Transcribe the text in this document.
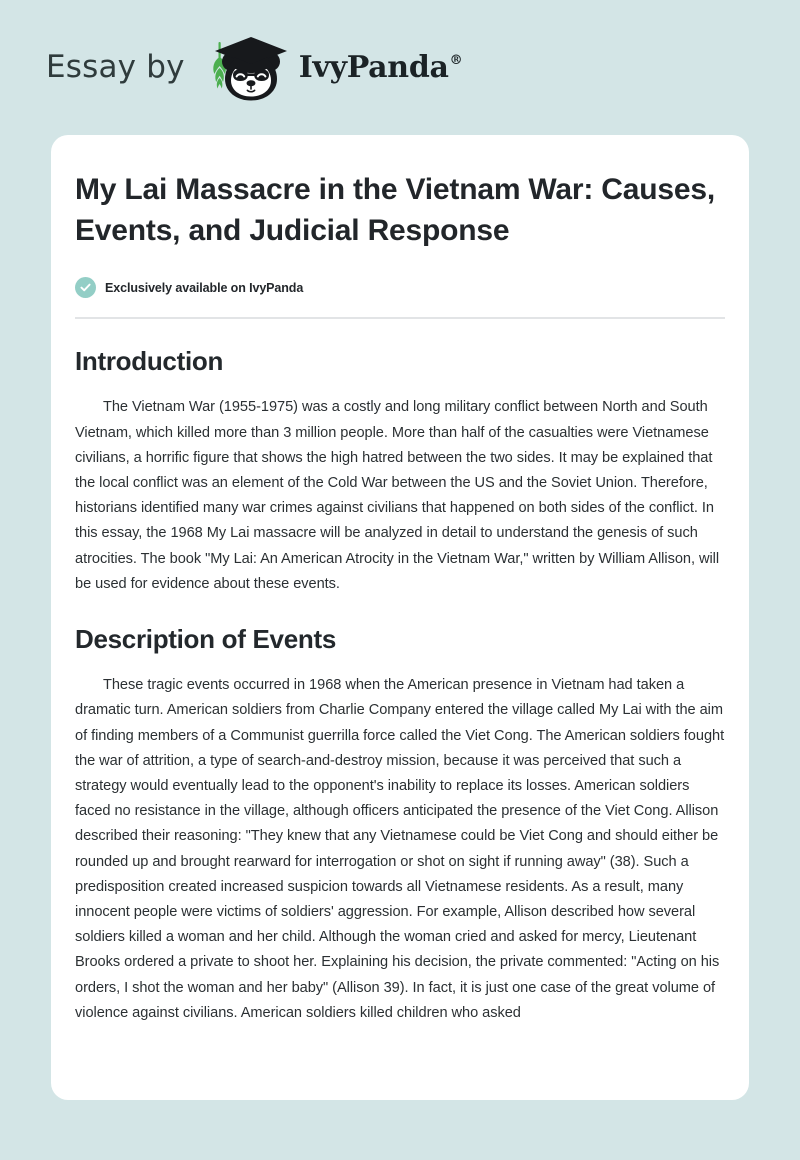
Essay by	IvyPanda ®
My Lai Massacre in the Vietnam War: Causes, Events, and Judicial Response
Exclusively available on IvyPanda
Introduction

The Vietnam War (1955-1975) was a costly and long military conflict between North and South Vietnam, which killed more than 3 million people. More than half of the casualties were Vietnamese civilians, a horrific figure that shows the high hatred between the two sides. It may be explained that the local conflict was an element of the Cold War between the US and the Soviet Union. Therefore, historians identified many war crimes against civilians that happened on both sides of the conflict. In this essay, the 1968 My Lai massacre will be analyzed in detail to understand the genesis of such atrocities. The book "My Lai: An American Atrocity in the Vietnam War," written by William Allison, will be used for evidence about these events.

Description of Events

These tragic events occurred in 1968 when the American presence in Vietnam had taken a dramatic turn. American soldiers from Charlie Company entered the village called My Lai with the aim of finding members of a Communist guerrilla force called the Viet Cong. The American soldiers fought the war of attrition, a type of search-and-destroy mission, because it was perceived that such a strategy would eventually lead to the opponent's inability to replace its losses. American soldiers faced no resistance in the village, although officers anticipated the presence of the Viet Cong. Allison described their reasoning: "They knew that any Vietnamese could be Viet Cong and should either be rounded up and brought rearward for interrogation or shot on sight if running away" (38). Such a predisposition created increased suspicion towards all Vietnamese residents. As a result, many innocent people were victims of soldiers' aggression. For example, Allison described how several soldiers killed a woman and her child. Although the woman cried and asked for mercy, Lieutenant Brooks ordered a private to shoot her. Explaining his decision, the private commented: "Acting on his orders, I shot the woman and her baby" (Allison 39). In fact, it is just one case of the great volume of violence against civilians. American soldiers killed children who asked
